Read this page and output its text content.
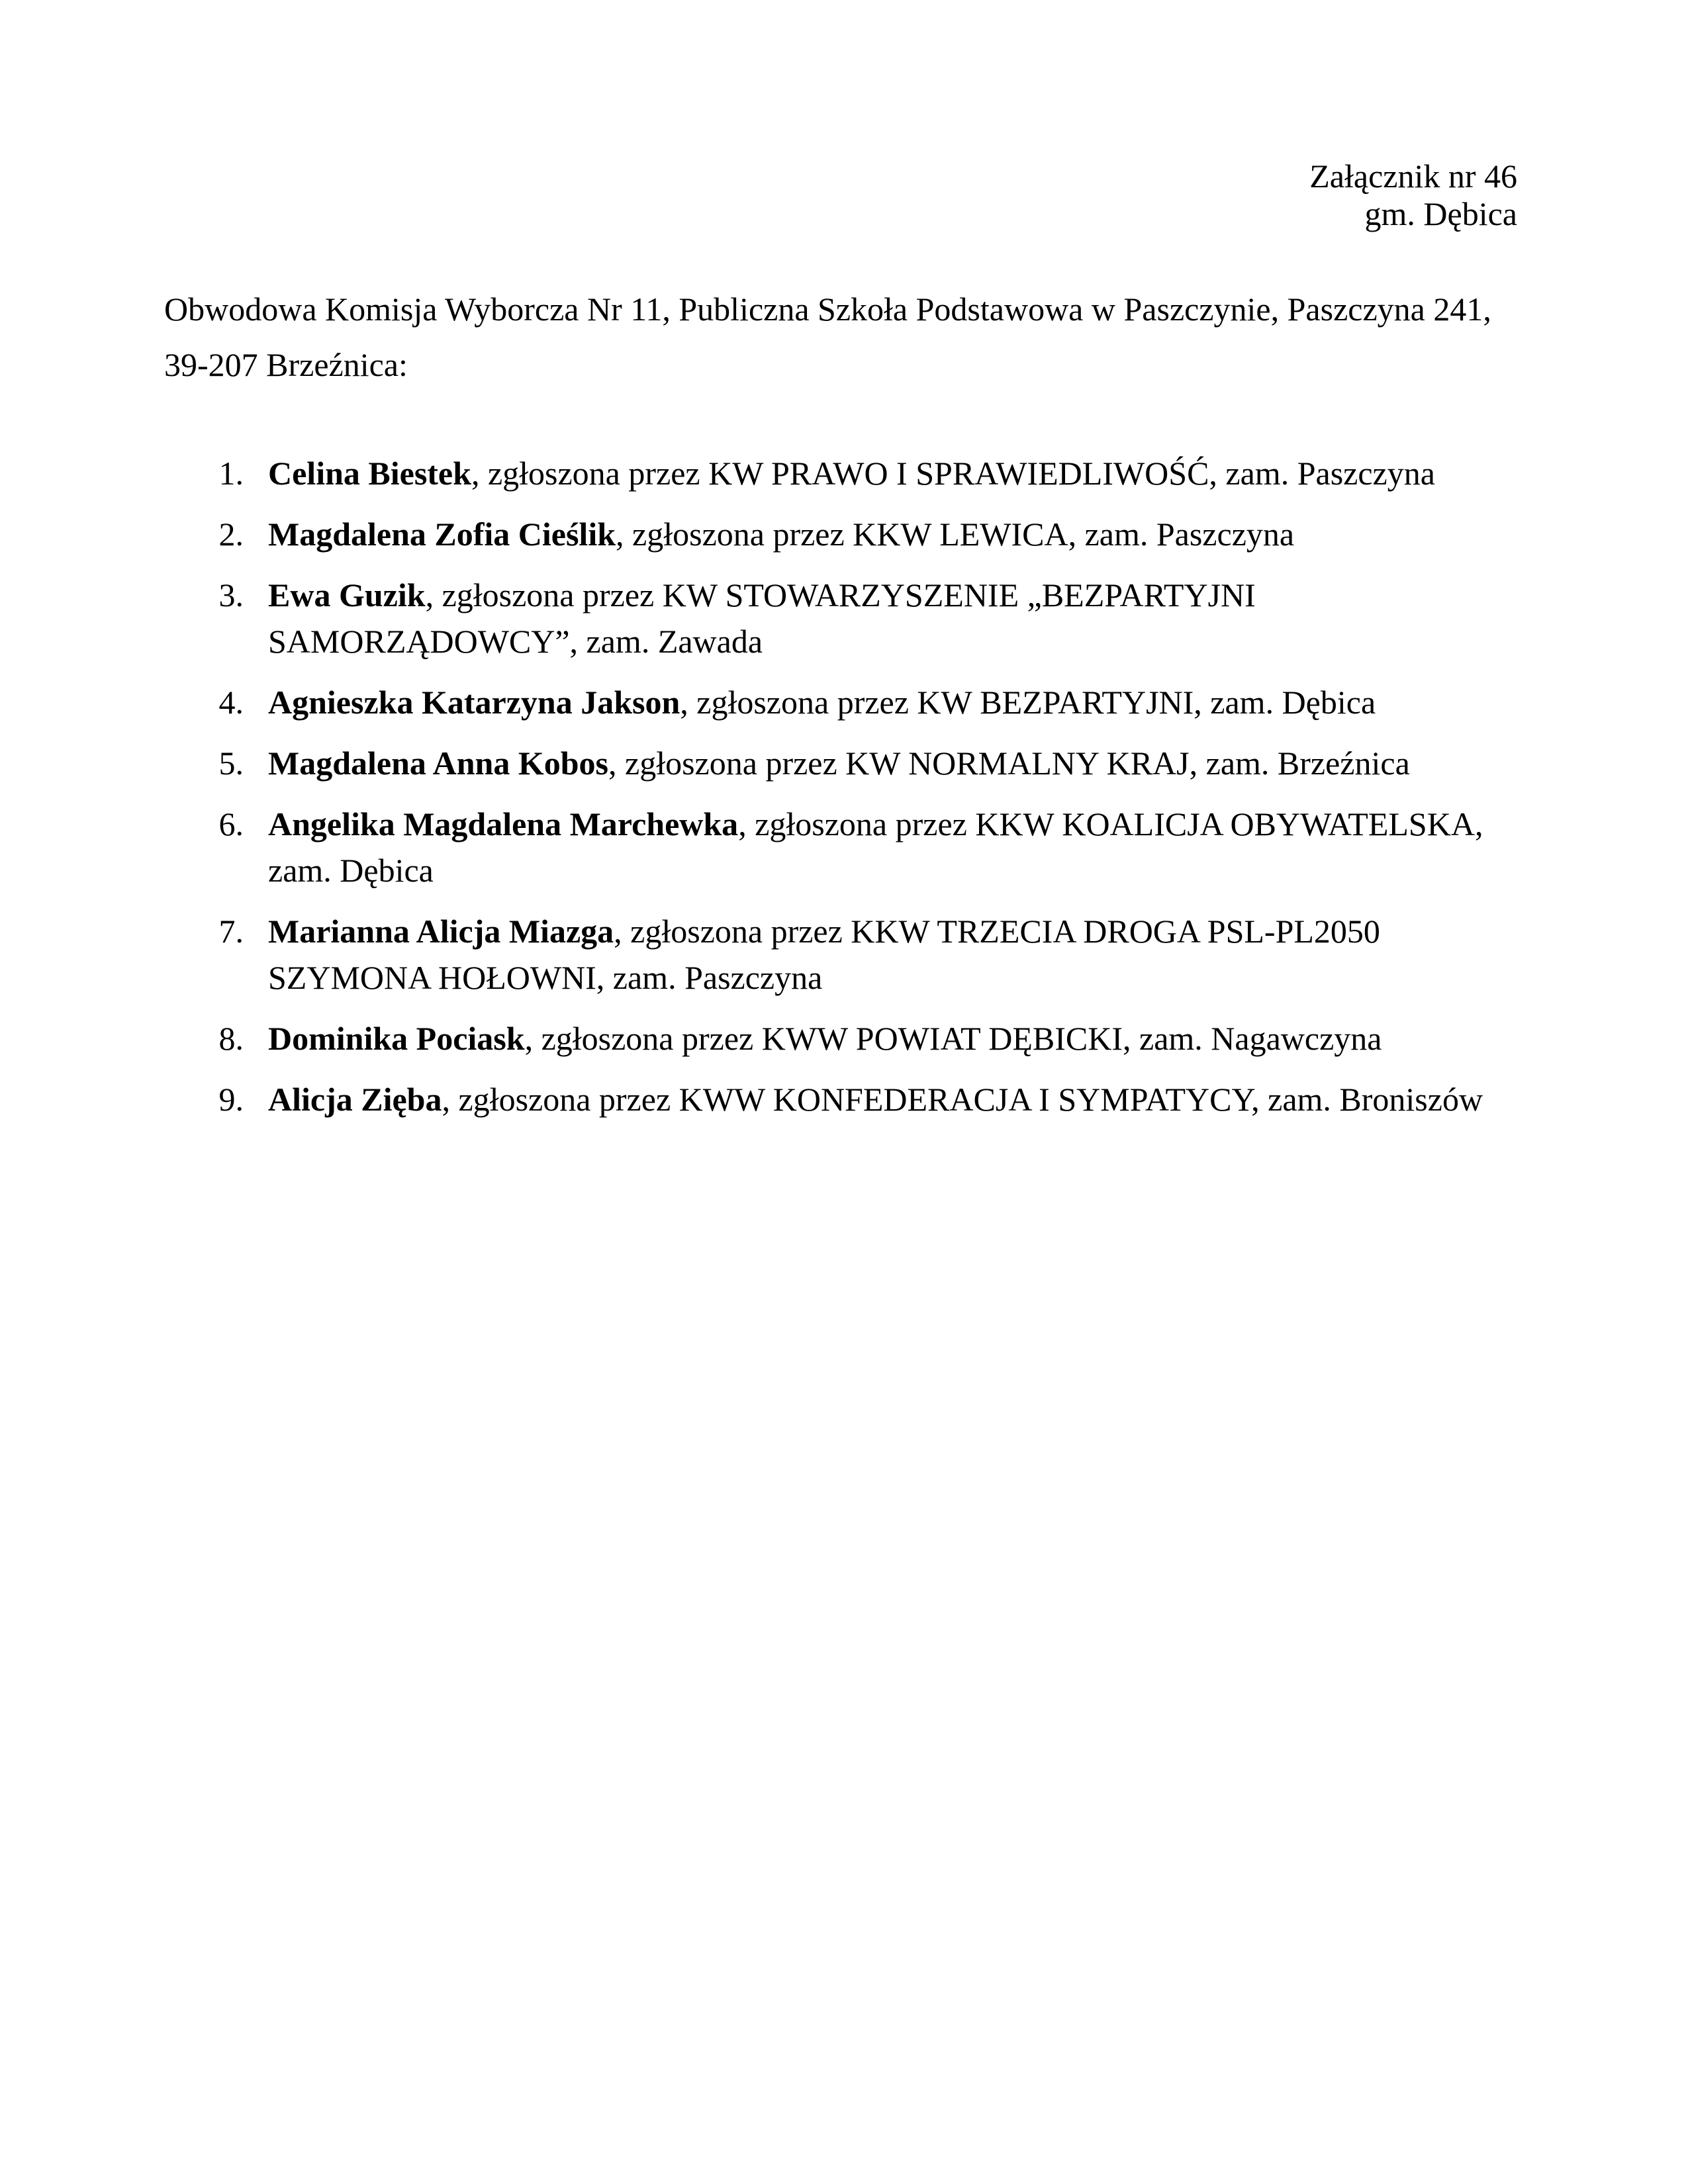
Załącznik nr 46
gm. Dębica
Obwodowa Komisja Wyborcza Nr 11, Publiczna Szkoła Podstawowa w Paszczynie, Paszczyna 241, 39-207 Brzeźnica:
1. Celina Biestek, zgłoszona przez KW PRAWO I SPRAWIEDLIWOŚĆ, zam. Paszczyna
2. Magdalena Zofia Cieślik, zgłoszona przez KKW LEWICA, zam. Paszczyna
3. Ewa Guzik, zgłoszona przez KW STOWARZYSZENIE „BEZPARTYJNI SAMORZĄDOWCY”, zam. Zawada
4. Agnieszka Katarzyna Jakson, zgłoszona przez KW BEZPARTYJNI, zam. Dębica
5. Magdalena Anna Kobos, zgłoszona przez KW NORMALNY KRAJ, zam. Brzeźnica
6. Angelika Magdalena Marchewka, zgłoszona przez KKW KOALICJA OBYWATELSKA, zam. Dębica
7. Marianna Alicja Miazga, zgłoszona przez KKW TRZECIA DROGA PSL-PL2050 SZYMONA HOŁOWNI, zam. Paszczyna
8. Dominika Pociask, zgłoszona przez KWW POWIAT DĘBICKI, zam. Nagawczyna
9. Alicja Zięba, zgłoszona przez KWW KONFEDERACJA I SYMPATYCY, zam. Broniszów
